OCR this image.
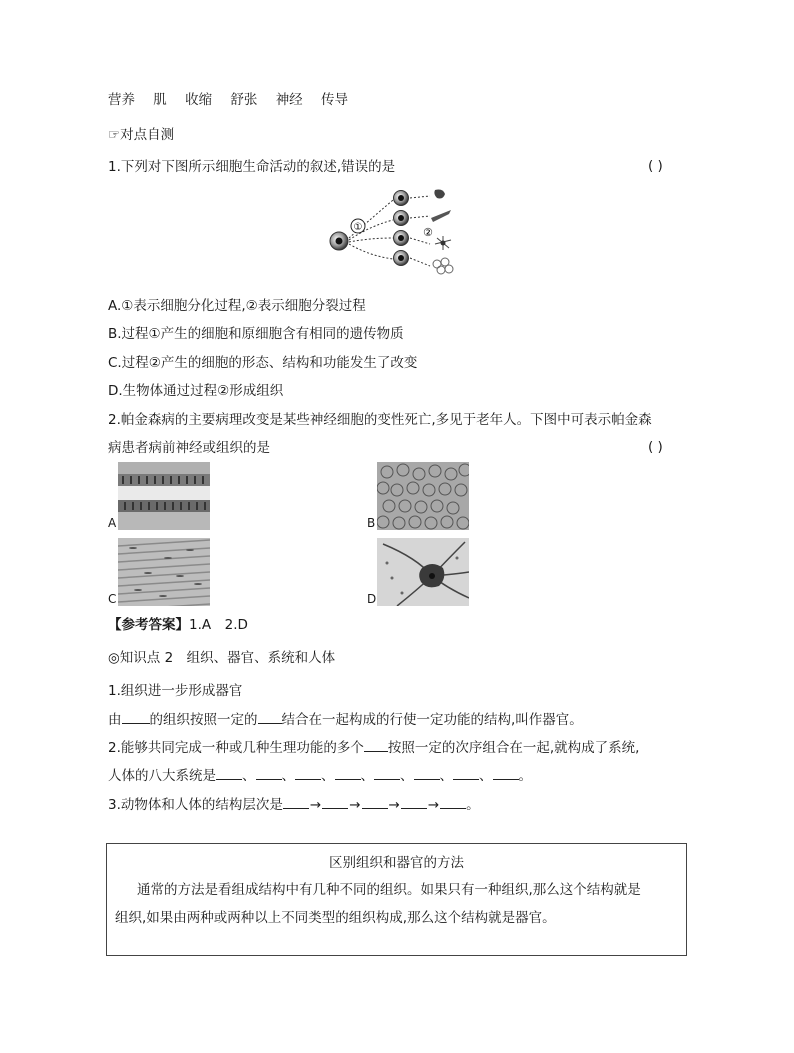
营养 肌 收缩 舒张 神经 传导
☞对点自测
1.下列对下图所示细胞生命活动的叙述,错误的是	( )
①	②
A.①表示细胞分化过程,②表示细胞分裂过程
B.过程①产生的细胞和原细胞含有相同的遗传物质
C.过程②产生的细胞的形态、结构和功能发生了改变
D.生物体通过过程②形成组织
2.帕金森病的主要病理改变是某些神经细胞的变性死亡,多见于老年人。下图中可表示帕金森
病患者病前神经或组织的是	( )
A	B
C	D
【参考答案】1.A　2.D
◎知识点 2　组织、器官、系统和人体
1.组织进一步形成器官
由 的组织按照一定的 结合在一起构成的行使一定功能的结构,叫作器官。
2.能够共同完成一种或几种生理功能的多个 按照一定的次序组合在一起,就构成了系统,
人体的八大系统是 、 、 、 、 、 、 、 。
3.动物体和人体的结构层次是 → → → → 。
区别组织和器官的方法
通常的方法是看组成结构中有几种不同的组织。如果只有一种组织,那么这个结构就是
组织,如果由两种或两种以上不同类型的组织构成,那么这个结构就是器官。
